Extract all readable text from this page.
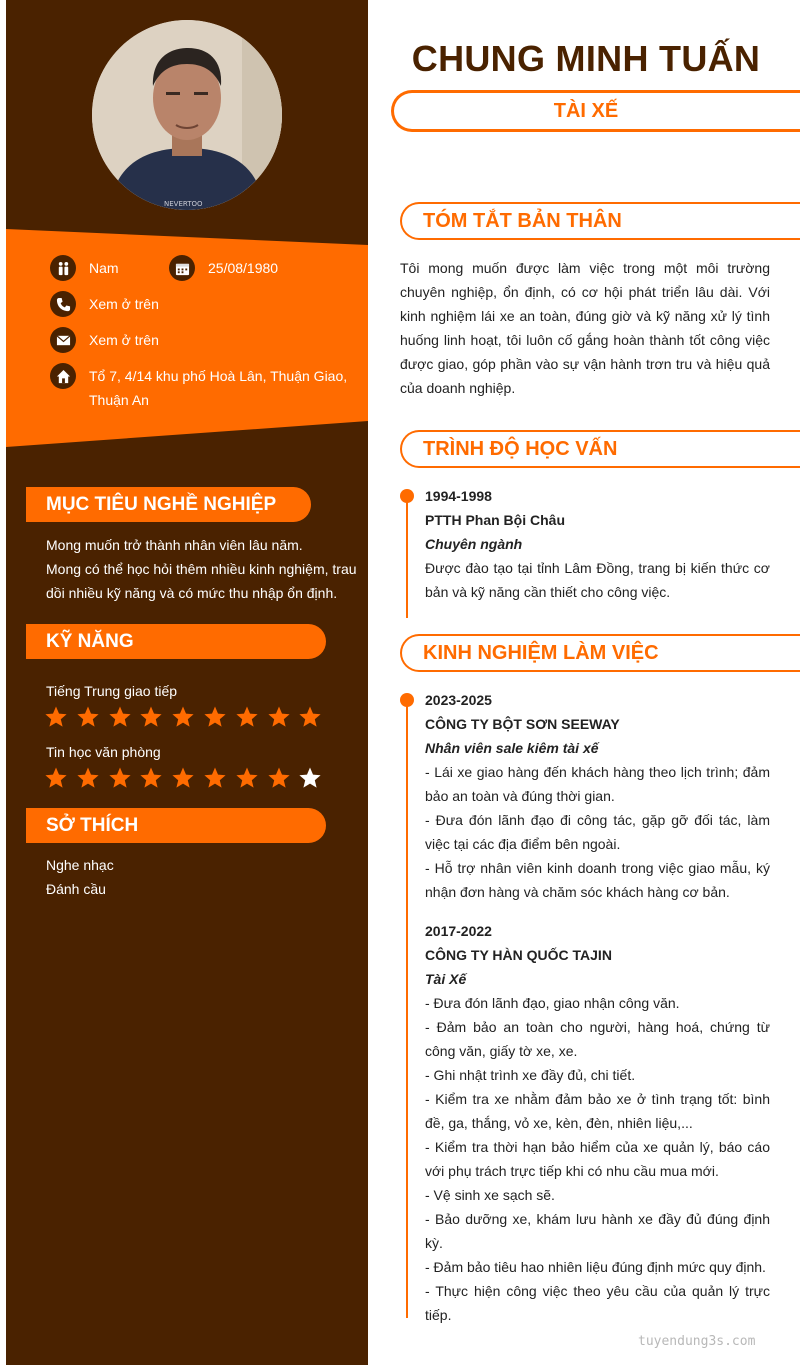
NEVERTOO
Nam	25/08/1980
Xem ở trên
Xem ở trên
Tổ 7, 4/14 khu phố Hoà Lân, Thuận Giao, Thuận An
MỤC TIÊU NGHỀ NGHIỆP
Mong muốn trở thành nhân viên lâu năm.
Mong có thể học hỏi thêm nhiều kinh nghiệm, trau dồi nhiều kỹ năng và có mức thu nhập ổn định.
KỸ NĂNG
Tiếng Trung giao tiếp
Tin học văn phòng
SỞ THÍCH
Nghe nhạc
Đánh cầu
CHUNG MINH TUẤN
TÀI XẾ
TÓM TẮT BẢN THÂN
Tôi mong muốn được làm việc trong một môi trường chuyên nghiệp, ổn định, có cơ hội phát triển lâu dài. Với kinh nghiệm lái xe an toàn, đúng giờ và kỹ năng xử lý tình huống linh hoạt, tôi luôn cố gắng hoàn thành tốt công việc được giao, góp phần vào sự vận hành trơn tru và hiệu quả của doanh nghiệp.
TRÌNH ĐỘ HỌC VẤN
1994-1998
PTTH Phan Bội Châu
Chuyên ngành
Được đào tạo tại tỉnh Lâm Đồng, trang bị kiến thức cơ bản và kỹ năng cần thiết cho công việc.
KINH NGHIỆM LÀM VIỆC
2023-2025
CÔNG TY BỘT SƠN SEEWAY
Nhân viên sale kiêm tài xế
- Lái xe giao hàng đến khách hàng theo lịch trình; đảm bảo an toàn và đúng thời gian.
- Đưa đón lãnh đạo đi công tác, gặp gỡ đối tác, làm việc tại các địa điểm bên ngoài.
- Hỗ trợ nhân viên kinh doanh trong việc giao mẫu, ký nhận đơn hàng và chăm sóc khách hàng cơ bản.
2017-2022
CÔNG TY HÀN QUỐC TAJIN
Tài Xế
- Đưa đón lãnh đạo, giao nhận công văn.
- Đảm bảo an toàn cho người, hàng hoá, chứng từ công văn, giấy tờ xe, xe.
- Ghi nhật trình xe đầy đủ, chi tiết.
- Kiểm tra xe nhằm đảm bảo xe ở tình trạng tốt: bình đề, ga, thắng, vỏ xe, kèn, đèn, nhiên liệu,...
- Kiểm tra thời hạn bảo hiểm của xe quản lý, báo cáo với phụ trách trực tiếp khi có nhu cầu mua mới.
- Vệ sinh xe sạch sẽ.
- Bảo dưỡng xe, khám lưu hành xe đầy đủ đúng định kỳ.
- Đảm bảo tiêu hao nhiên liệu đúng định mức quy định.
- Thực hiện công việc theo yêu cầu của quản lý trực tiếp.
tuyendung3s.com
